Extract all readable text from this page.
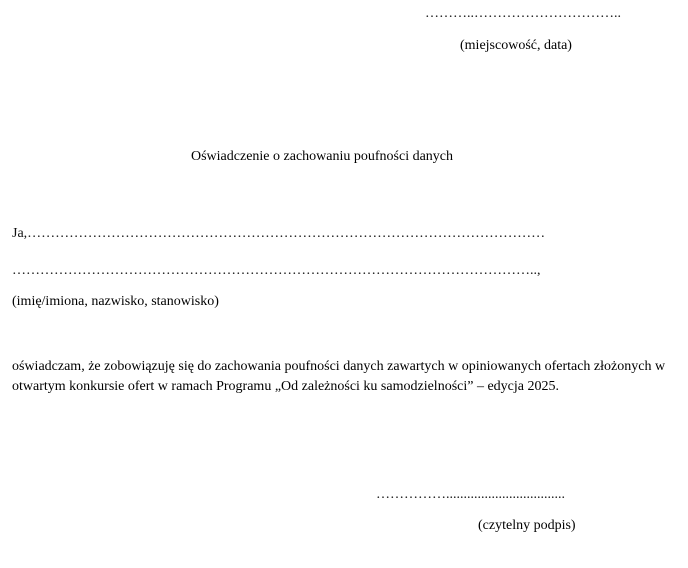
………..…………………………..
(miejscowość, data)
Oświadczenie o zachowaniu poufności danych
Ja,…………………………………………………………………………………………………
…………………………………………………………………………………………………..,
(imię/imiona, nazwisko, stanowisko)
oświadczam, że zobowiązuję się do zachowania poufności danych zawartych w opiniowanych ofertach złożonych w otwartym konkursie ofert w ramach Programu „Od zależności ku samodzielności” – edycja 2025.
……………..................................
(czytelny podpis)
